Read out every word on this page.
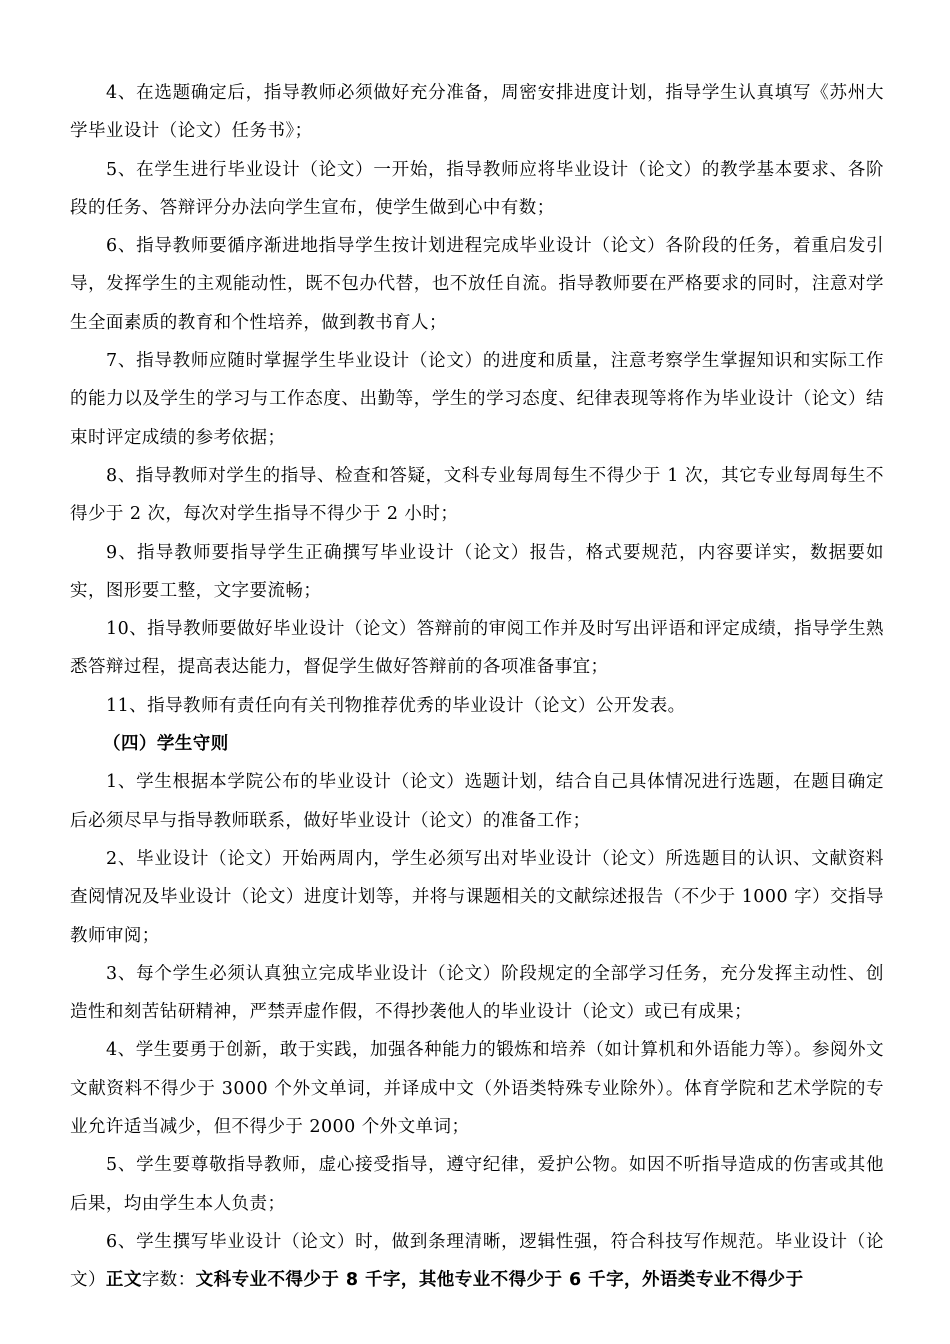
4、在选题确定后，指导教师必须做好充分准备，周密安排进度计划，指导学生认真填写《苏州大学毕业设计（论文）任务书》；

5、在学生进行毕业设计（论文）一开始，指导教师应将毕业设计（论文）的教学基本要求、各阶段的任务、答辩评分办法向学生宣布，使学生做到心中有数；

6、指导教师要循序渐进地指导学生按计划进程完成毕业设计（论文）各阶段的任务，着重启发引导，发挥学生的主观能动性，既不包办代替，也不放任自流。指导教师要在严格要求的同时，注意对学生全面素质的教育和个性培养，做到教书育人；

7、指导教师应随时掌握学生毕业设计（论文）的进度和质量，注意考察学生掌握知识和实际工作的能力以及学生的学习与工作态度、出勤等，学生的学习态度、纪律表现等将作为毕业设计（论文）结束时评定成绩的参考依据；

8、指导教师对学生的指导、检查和答疑，文科专业每周每生不得少于 1 次，其它专业每周每生不得少于 2 次，每次对学生指导不得少于 2 小时；

9、指导教师要指导学生正确撰写毕业设计（论文）报告，格式要规范，内容要详实，数据要如实，图形要工整，文字要流畅；

10、指导教师要做好毕业设计（论文）答辩前的审阅工作并及时写出评语和评定成绩，指导学生熟悉答辩过程，提高表达能力，督促学生做好答辩前的各项准备事宜；

11、指导教师有责任向有关刊物推荐优秀的毕业设计（论文）公开发表。

（四）学生守则

1、学生根据本学院公布的毕业设计（论文）选题计划，结合自己具体情况进行选题，在题目确定后必须尽早与指导教师联系，做好毕业设计（论文）的准备工作；

2、毕业设计（论文）开始两周内，学生必须写出对毕业设计（论文）所选题目的认识、文献资料查阅情况及毕业设计（论文）进度计划等，并将与课题相关的文献综述报告（不少于 1000 字）交指导教师审阅；

3、每个学生必须认真独立完成毕业设计（论文）阶段规定的全部学习任务，充分发挥主动性、创造性和刻苦钻研精神，严禁弄虚作假，不得抄袭他人的毕业设计（论文）或已有成果；

4、学生要勇于创新，敢于实践，加强各种能力的锻炼和培养（如计算机和外语能力等）。参阅外文文献资料不得少于 3000 个外文单词，并译成中文（外语类特殊专业除外）。体育学院和艺术学院的专业允许适当减少，但不得少于 2000 个外文单词；

5、学生要尊敬指导教师，虚心接受指导，遵守纪律，爱护公物。如因不听指导造成的伤害或其他后果，均由学生本人负责；

6、学生撰写毕业设计（论文）时，做到条理清晰，逻辑性强，符合科技写作规范。毕业设计（论文）正文字数：文科专业不得少于 8 千字，其他专业不得少于 6 千字，外语类专业不得少于
